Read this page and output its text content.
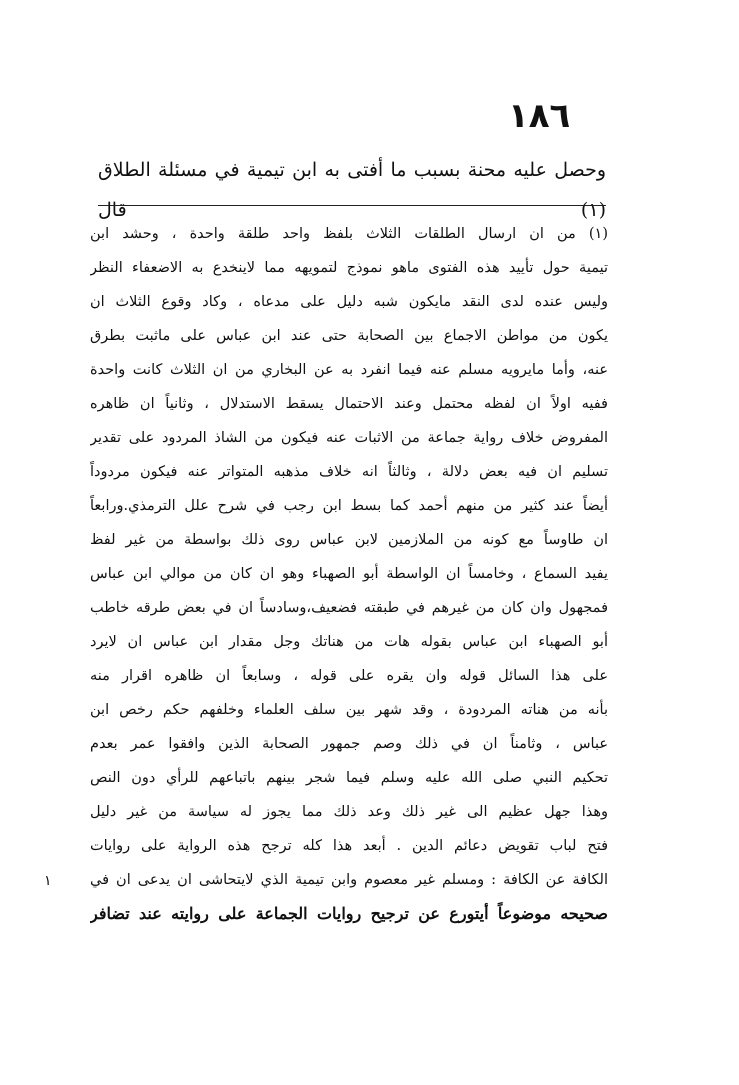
١٨٦
وحصل عليه محنة بسبب ما أفتى به ابن تيمية في مسئلة الطلاق (١) قال
(١) من ان ارسال الطلقات الثلاث بلفظ واحد طلقة واحدة ، وحشد ابن
تيمية حول تأييد هذه الفتوى ماهو نموذج لتمويهه مما لاينخدع به الاضعفاء النظر
وليس عنده لدى النقد مايكون شبه دليل على مدعاه ، وكاد وقوع الثلاث ان
يكون من مواطن الاجماع بين الصحابة حتى عند ابن عباس على ماثبت بطرق
عنه، وأما مايرويه مسلم عنه فيما انفرد به عن البخاري من ان الثلاث كانت واحدة
ففيه اولاً ان لفظه محتمل وعند الاحتمال يسقط الاستدلال ، وثانياً ان ظاهره
المفروض خلاف رواية جماعة من الاثبات عنه فيكون من الشاذ المردود على تقدير
تسليم ان فيه بعض دلالة ، وثالثاً انه خلاف مذهبه المتواتر عنه فيكون مردوداً
أيضاً عند كثير من منهم أحمد كما بسط ابن رجب في شرح علل الترمذي.ورابعاً
ان طاوساً مع كونه من الملازمين لابن عباس روى ذلك بواسطة من غير لفظ
يفيد السماع ، وخامساً ان الواسطة أبو الصهباء وهو ان كان من موالي ابن عباس
فمجهول وان كان من غيرهم في طبقته فضعيف،وسادساً ان في بعض طرقه خاطب
أبو الصهباء ابن عباس بقوله هات من هناتك وجل مقدار ابن عباس ان لايرد
على هذا السائل قوله وان يقره على قوله ، وسابعاً ان ظاهره اقرار منه
بأنه من هناته المردودة ، وقد شهر بين سلف العلماء وخلفهم حكم رخص ابن
عباس ، وثامناً ان في ذلك وصم جمهور الصحابة الذين وافقوا عمر بعدم
تحكيم النبي صلى الله عليه وسلم فيما شجر بينهم باتباعهم للرأي دون النص
وهذا جهل عظيم الى غير ذلك وعد ذلك مما يجوز له سياسة من غير دليل
فتح لباب تقويض دعائم الدين . أبعد هذا كله ترجح هذه الرواية على روايات
الكافة عن الكافة : ومسلم غير معصوم وابن تيمية الذي لايتحاشى ان يدعى ان في
صحيحه موضوعاً أيتورع عن ترجيح روايات الجماعة على روايته عند تضافر
١
